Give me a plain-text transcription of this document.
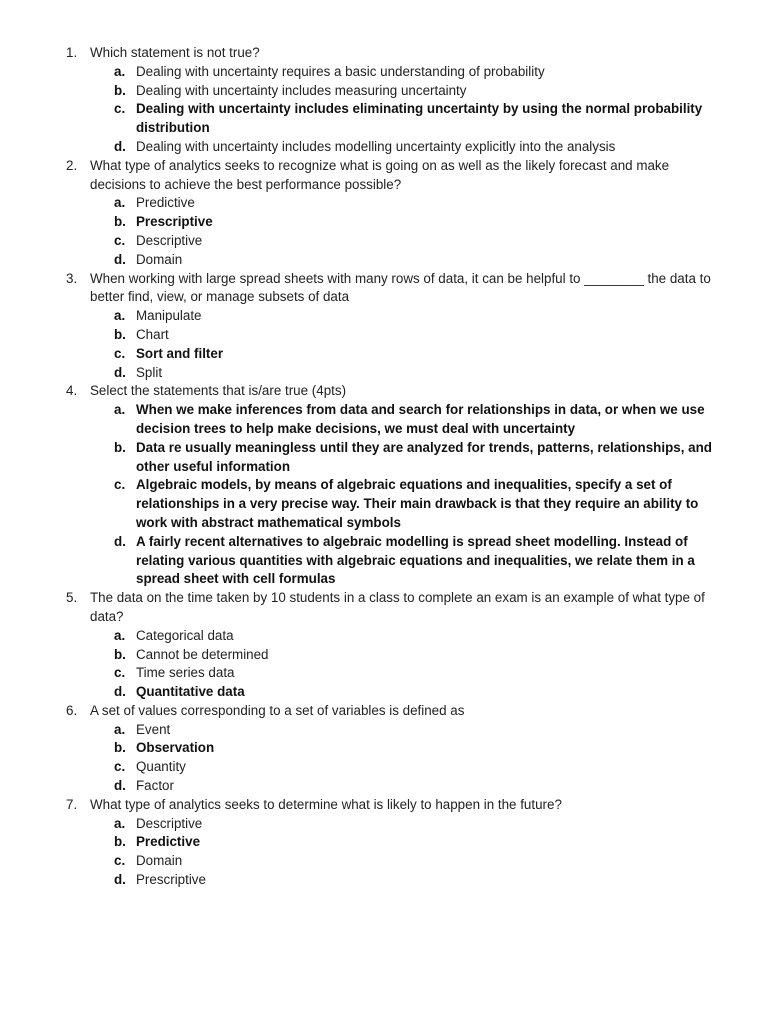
1. Which statement is not true?
a. Dealing with uncertainty requires a basic understanding of probability
b. Dealing with uncertainty includes measuring uncertainty
c. Dealing with uncertainty includes eliminating uncertainty by using the normal probability distribution
d. Dealing with uncertainty includes modelling uncertainty explicitly into the analysis
2. What type of analytics seeks to recognize what is going on as well as the likely forecast and make decisions to achieve the best performance possible?
a. Predictive
b. Prescriptive
c. Descriptive
d. Domain
3. When working with large spread sheets with many rows of data, it can be helpful to ________ the data to better find, view, or manage subsets of data
a. Manipulate
b. Chart
c. Sort and filter
d. Split
4. Select the statements that is/are true (4pts)
a. When we make inferences from data and search for relationships in data, or when we use decision trees to help make decisions, we must deal with uncertainty
b. Data re usually meaningless until they are analyzed for trends, patterns, relationships, and other useful information
c. Algebraic models, by means of algebraic equations and inequalities, specify a set of relationships in a very precise way. Their main drawback is that they require an ability to work with abstract mathematical symbols
d. A fairly recent alternatives to algebraic modelling is spread sheet modelling. Instead of relating various quantities with algebraic equations and inequalities, we relate them in a spread sheet with cell formulas
5. The data on the time taken by 10 students in a class to complete an exam is an example of what type of data?
a. Categorical data
b. Cannot be determined
c. Time series data
d. Quantitative data
6. A set of values corresponding to a set of variables is defined as
a. Event
b. Observation
c. Quantity
d. Factor
7. What type of analytics seeks to determine what is likely to happen in the future?
a. Descriptive
b. Predictive
c. Domain
d. Prescriptive
